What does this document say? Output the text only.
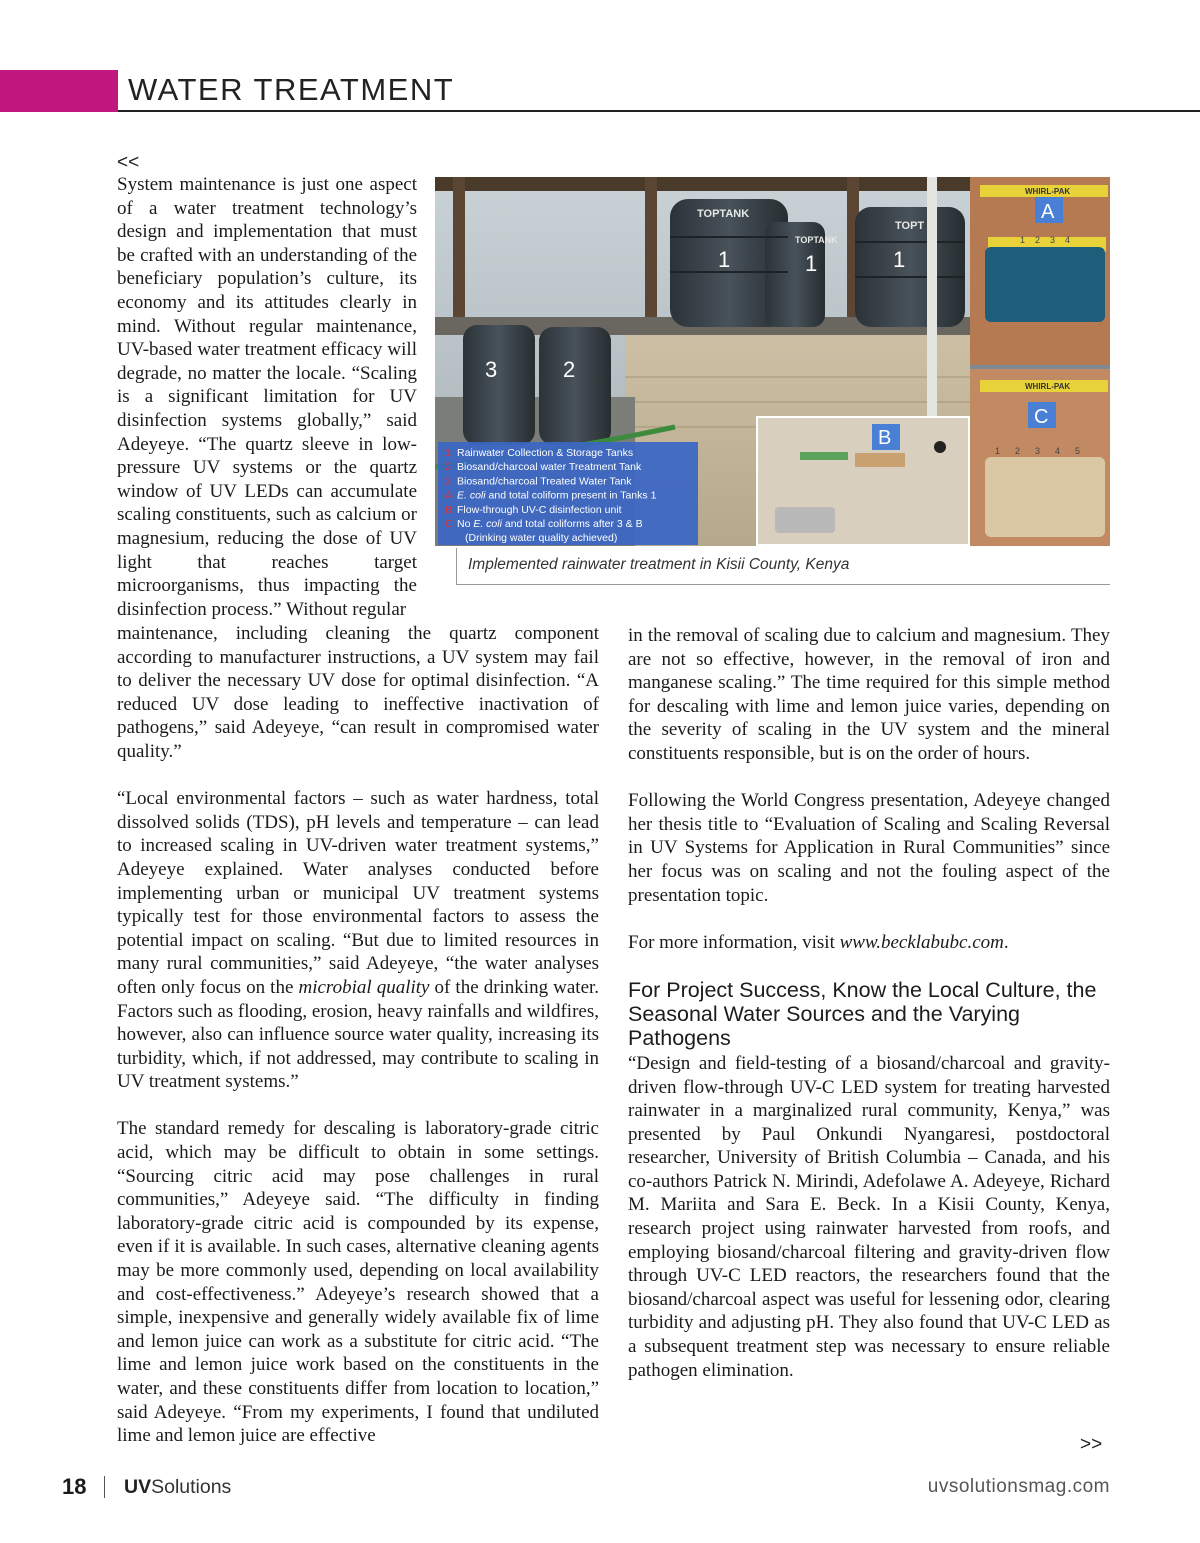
WATER TREATMENT
<<
System maintenance is just one aspect of a water treatment technology’s design and implementation that must be crafted with an understanding of the beneficiary population’s culture, its economy and its attitudes clearly in mind. Without regular maintenance, UV-based water treatment efficacy will degrade, no matter the locale. “Scaling is a significant limitation for UV disinfection systems globally,” said Adeyeye. “The quartz sleeve in low-pressure UV systems or the quartz window of UV LEDs can accumulate scaling constituents, such as calcium or magnesium, reducing the dose of UV light that reaches target microorganisms, thus impacting the disinfection process.” Without regular
TOPTANK
TOPTANK
TOPT
1	1	1
3	2
1 Rainwater Collection & Storage Tanks
2 Biosand/charcoal water Treatment Tank
3 Biosand/charcoal Treated Water Tank
A E. coli and total coliform present in Tanks 1
B Flow-through UV-C disinfection unit
C No E. coli and total coliforms after 3 & B
(Drinking water quality achieved)
B
WHIRL-PAK
1 2 3 4
A
WHIRL-PAK
1 2 3 4 5
C
Implemented rainwater treatment in Kisii County, Kenya

maintenance, including cleaning the quartz component according to manufacturer instructions, a UV system may fail to deliver the necessary UV dose for optimal disinfection. “A reduced UV dose leading to ineffective inactivation of pathogens,” said Adeyeye, “can result in compromised water quality.”

“Local environmental factors – such as water hardness, total dissolved solids (TDS), pH levels and temperature – can lead to increased scaling in UV-driven water treatment systems,” Adeyeye explained. Water analyses conducted before implementing urban or municipal UV treatment systems typically test for those environmental factors to assess the potential impact on scaling. “But due to limited resources in many rural communities,” said Adeyeye, “the water analyses often only focus on the microbial quality of the drinking water. Factors such as flooding, erosion, heavy rainfalls and wildfires, however, also can influence source water quality, increasing its turbidity, which, if not addressed, may contribute to scaling in UV treatment systems.”

The standard remedy for descaling is laboratory-grade citric acid, which may be difficult to obtain in some settings. “Sourcing citric acid may pose challenges in rural communities,” Adeyeye said. “The difficulty in finding laboratory-grade citric acid is compounded by its expense, even if it is available. In such cases, alternative cleaning agents may be more commonly used, depending on local availability and cost-effectiveness.” Adeyeye’s research showed that a simple, inexpensive and generally widely available fix of lime and lemon juice can work as a substitute for citric acid. “The lime and lemon juice work based on the constituents in the water, and these constituents differ from location to location,” said Adeyeye. “From my experiments, I found that undiluted lime and lemon juice are effective

in the removal of scaling due to calcium and magnesium. They are not so effective, however, in the removal of iron and manganese scaling.” The time required for this simple method for descaling with lime and lemon juice varies, depending on the severity of scaling in the UV system and the mineral constituents responsible, but is on the order of hours.

Following the World Congress presentation, Adeyeye changed her thesis title to “Evaluation of Scaling and Scaling Reversal in UV Systems for Application in Rural Communities” since her focus was on scaling and not the fouling aspect of the presentation topic.

For more information, visit www.becklabubc.com.

For Project Success, Know the Local Culture, the Seasonal Water Sources and the Varying Pathogens

“Design and field-testing of a biosand/charcoal and gravity-driven flow-through UV-C LED system for treating harvested rainwater in a marginalized rural community, Kenya,” was presented by Paul Onkundi Nyangaresi, postdoctoral researcher, University of British Columbia – Canada, and his co-authors Patrick N. Mirindi, Adefolawe A. Adeyeye, Richard M. Mariita and Sara E. Beck. In a Kisii County, Kenya, research project using rainwater harvested from roofs, and employing biosand/charcoal filtering and gravity-driven flow through UV-C LED reactors, the researchers found that the biosand/charcoal aspect was useful for lessening odor, clearing turbidity and adjusting pH. They also found that UV-C LED as a subsequent treatment step was necessary to ensure reliable pathogen elimination.

>>
18 UVSolutions	uvsolutionsmag.com
